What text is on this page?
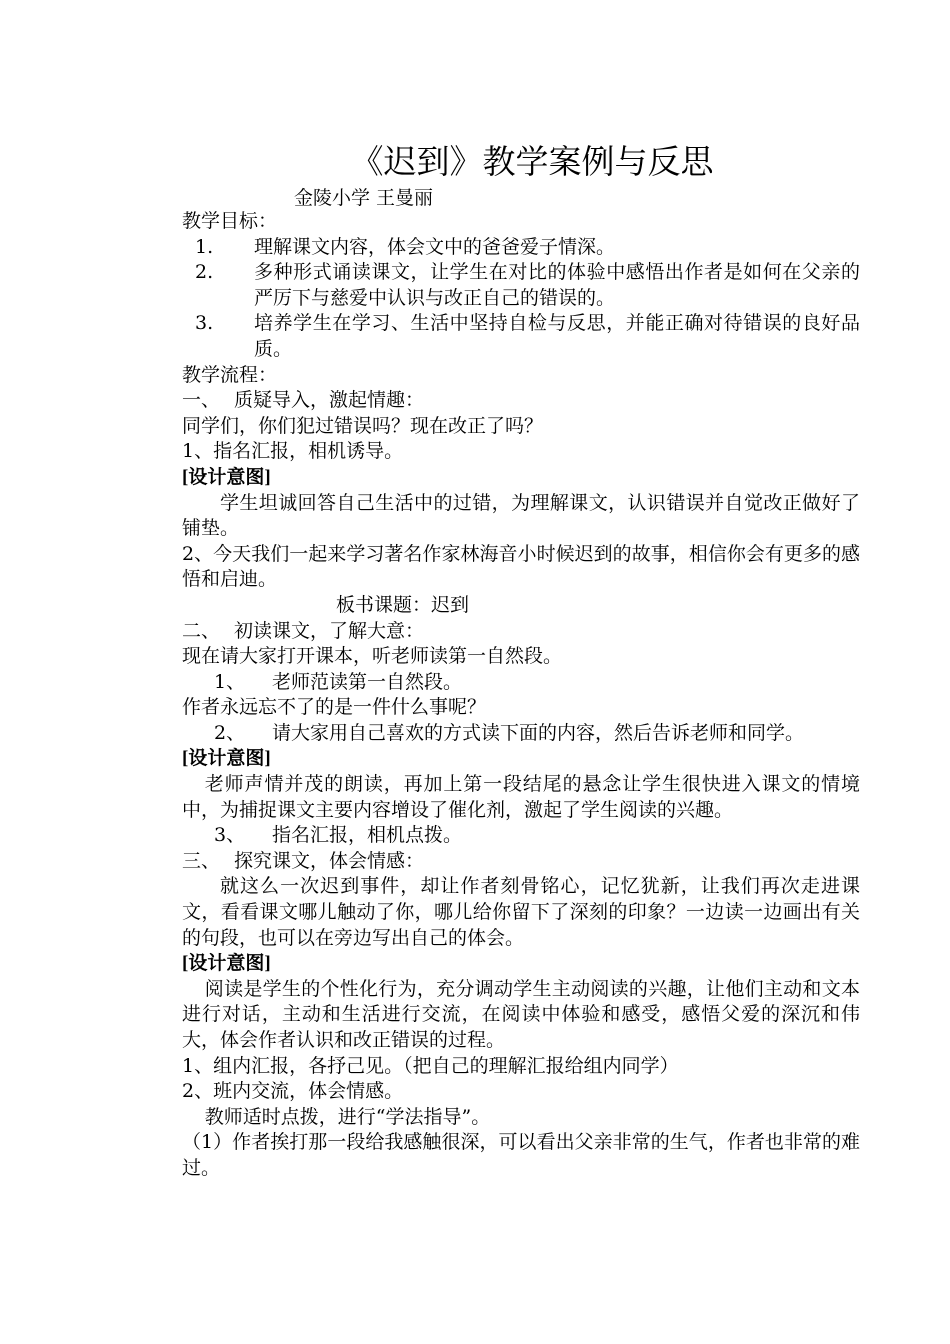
《迟到》教学案例与反思
金陵小学 王曼丽

教学目标：

1. 理解课文内容，体会文中的爸爸爱子情深。

2. 多种形式诵读课文，让学生在对比的体验中感悟出作者是如何在父亲的严厉下与慈爱中认识与改正自己的错误的。

3. 培养学生在学习、生活中坚持自检与反思，并能正确对待错误的良好品质。

教学流程：

一、 质疑导入，激起情趣：

同学们，你们犯过错误吗？现在改正了吗？

1、指名汇报，相机诱导。

[设计意图]

学生坦诚回答自己生活中的过错，为理解课文，认识错误并自觉改正做好了铺垫。

2、今天我们一起来学习著名作家林海音小时候迟到的故事，相信你会有更多的感悟和启迪。

板书课题：迟到

二、 初读课文，了解大意：

现在请大家打开课本，听老师读第一自然段。

1、 老师范读第一自然段。

作者永远忘不了的是一件什么事呢？

2、 请大家用自己喜欢的方式读下面的内容，然后告诉老师和同学。

[设计意图]

老师声情并茂的朗读，再加上第一段结尾的悬念让学生很快进入课文的情境中，为捕捉课文主要内容增设了催化剂，激起了学生阅读的兴趣。

3、 指名汇报，相机点拨。

三、 探究课文，体会情感：

就这么一次迟到事件，却让作者刻骨铭心，记忆犹新，让我们再次走进课文，看看课文哪儿触动了你，哪儿给你留下了深刻的印象？一边读一边画出有关的句段，也可以在旁边写出自己的体会。

[设计意图]

阅读是学生的个性化行为，充分调动学生主动阅读的兴趣，让他们主动和文本进行对话，主动和生活进行交流，在阅读中体验和感受，感悟父爱的深沉和伟大，体会作者认识和改正错误的过程。

1、组内汇报，各抒己见。（把自己的理解汇报给组内同学）

2、班内交流，体会情感。

教师适时点拨，进行“学法指导”。

（1）作者挨打那一段给我感触很深，可以看出父亲非常的生气，作者也非常的难过。
